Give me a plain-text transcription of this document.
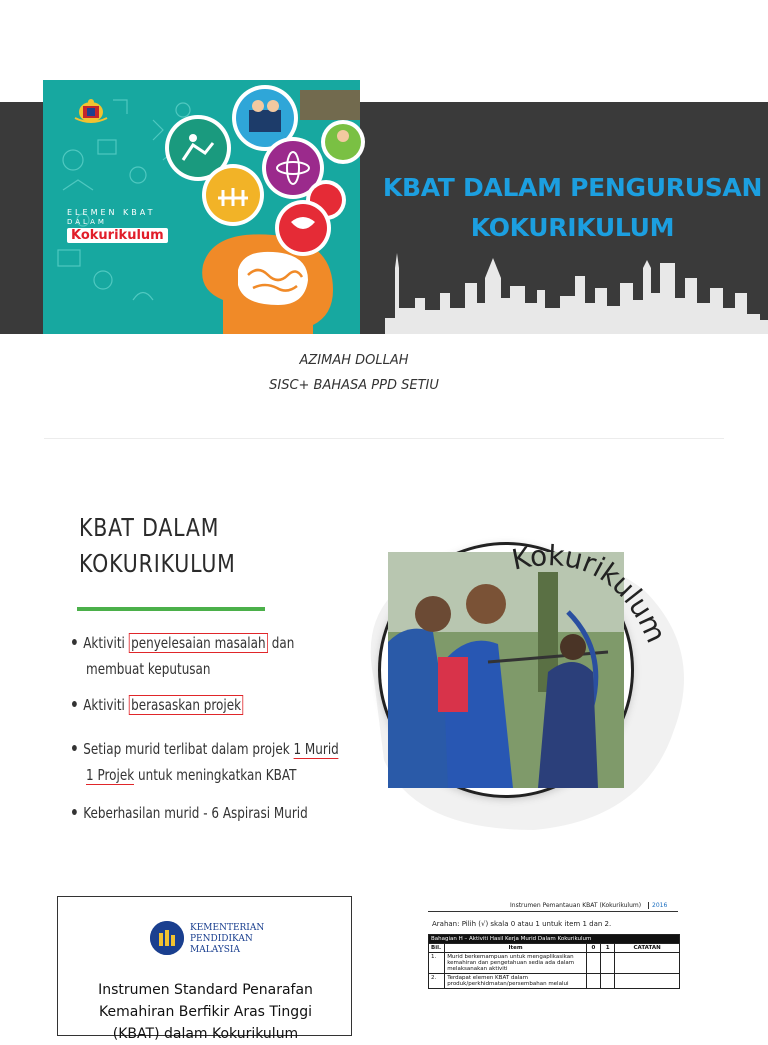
ELEMEN KBAT
DALAM
Kokurikulum
KBAT DALAM PENGURUSAN
KOKURIKULUM
AZIMAH DOLLAH
SISC+ BAHASA PPD SETIU
KBAT DALAM
KOKURIKULUM
Aktiviti penyelesaian masalah dan
membuat keputusan
Aktiviti berasaskan projek
Setiap murid terlibat dalam projek 1 Murid
1 Projek untuk meningkatkan KBAT
Keberhasilan murid - 6 Aspirasi Murid
Kokurikulum
KEMENTERIAN
PENDIDIKAN
MALAYSIA
Instrumen Standard Penarafan
Kemahiran Berfikir Aras Tinggi
(KBAT) dalam Kokurikulum
Instrumen Pemantauan KBAT (Kokurikulum)	2016
Arahan: Pilih (√) skala 0 atau 1 untuk item 1 dan 2.
Bahagian H – Aktiviti Hasil Kerja Murid Dalam Kokurikulum				
Bil.	Item	0	1	CATATAN
1.	Murid berkemampuan untuk mengaplikasikan kemahiran dan pengetahuan sedia ada dalam melaksanakan aktiviti			
2.	Terdapat elemen KBAT dalam produk/perkhidmatan/persembahan melalui			
